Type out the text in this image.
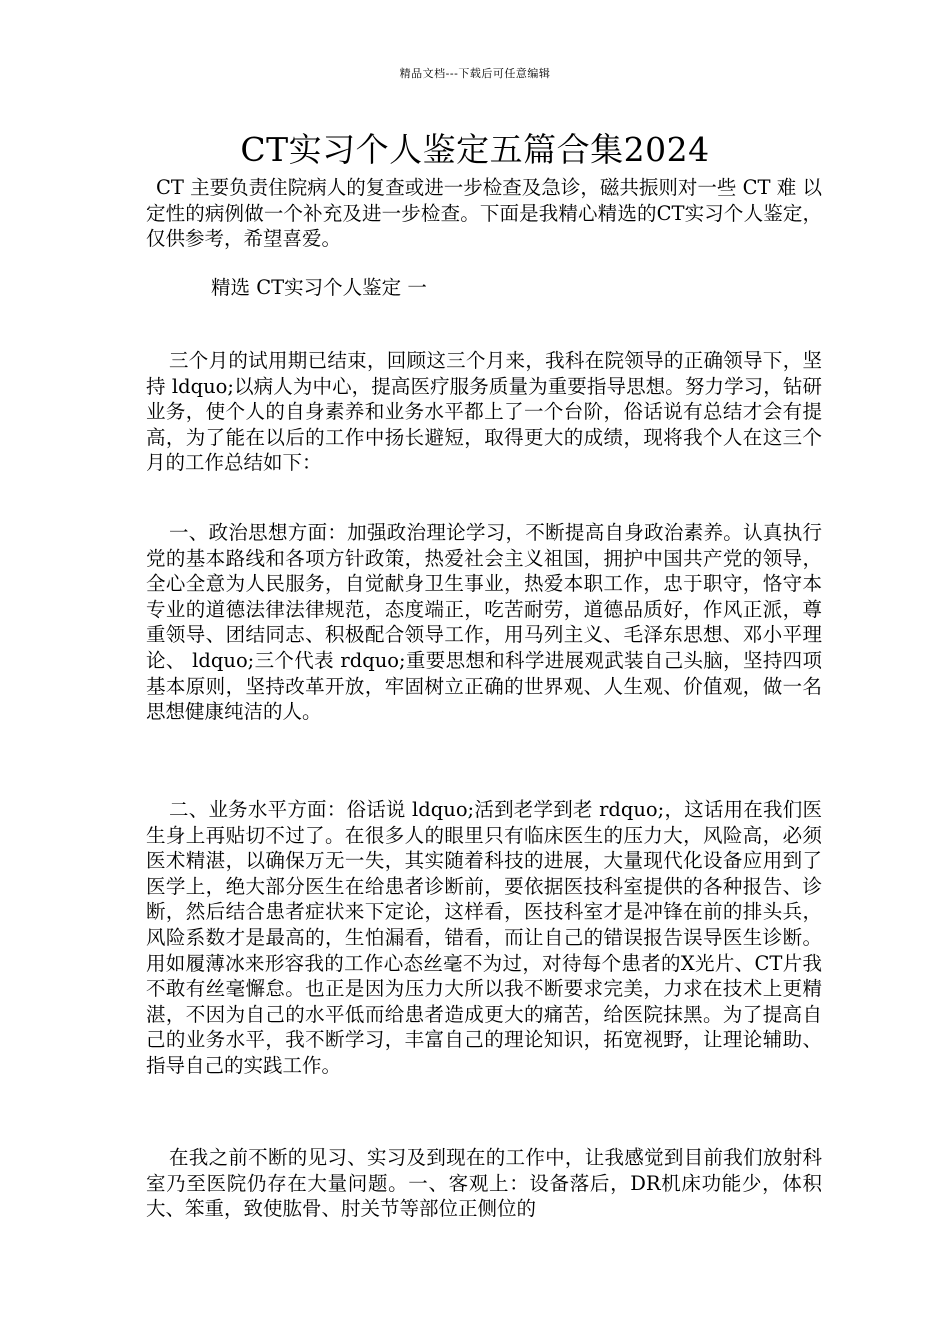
精品文档---下载后可任意编辑
CT实习个人鉴定五篇合集2024

CT 主要负责住院病人的复查或进一步检查及急诊，磁共振则对一些 CT 难 以定性的病例做一个补充及进一步检查。下面是我精心精选的CT实习个人鉴定，仅供参考，希望喜爱。

精选 CT实习个人鉴定 一

三个月的试用期已结束，回顾这三个月来，我科在院领导的正确领导下，坚持 ldquo;以病人为中心，提高医疗服务质量为重要指导思想。努力学习，钻研业务，使个人的自身素养和业务水平都上了一个台阶，俗话说有总结才会有提高，为了能在以后的工作中扬长避短，取得更大的成绩，现将我个人在这三个月的工作总结如下：

一、政治思想方面：加强政治理论学习，不断提高自身政治素养。认真执行党的基本路线和各项方针政策，热爱社会主义祖国，拥护中国共产党的领导，全心全意为人民服务，自觉献身卫生事业，热爱本职工作，忠于职守，恪守本专业的道德法律法律规范，态度端正，吃苦耐劳，道德品质好，作风正派，尊重领导、团结同志、积极配合领导工作，用马列主义、毛泽东思想、邓小平理论、 ldquo;三个代表 rdquo;重要思想和科学进展观武装自己头脑，坚持四项基本原则，坚持改革开放，牢固树立正确的世界观、人生观、价值观，做一名思想健康纯洁的人。

二、业务水平方面：俗话说 ldquo;活到老学到老 rdquo;，这话用在我们医生身上再贴切不过了。在很多人的眼里只有临床医生的压力大，风险高，必须医术精湛，以确保万无一失，其实随着科技的进展，大量现代化设备应用到了医学上，绝大部分医生在给患者诊断前，要依据医技科室提供的各种报告、诊断，然后结合患者症状来下定论，这样看，医技科室才是冲锋在前的排头兵，风险系数才是最高的，生怕漏看，错看，而让自己的错误报告误导医生诊断。用如履薄冰来形容我的工作心态丝毫不为过，对待每个患者的X光片、CT片我不敢有丝毫懈怠。也正是因为压力大所以我不断要求完美，力求在技术上更精湛，不因为自己的水平低而给患者造成更大的痛苦，给医院抹黑。为了提高自己的业务水平，我不断学习，丰富自己的理论知识，拓宽视野，让理论辅助、指导自己的实践工作。

在我之前不断的见习、实习及到现在的工作中，让我感觉到目前我们放射科室乃至医院仍存在大量问题。一、客观上：设备落后，DR机床功能少，体积大、笨重，致使肱骨、肘关节等部位正侧位的
